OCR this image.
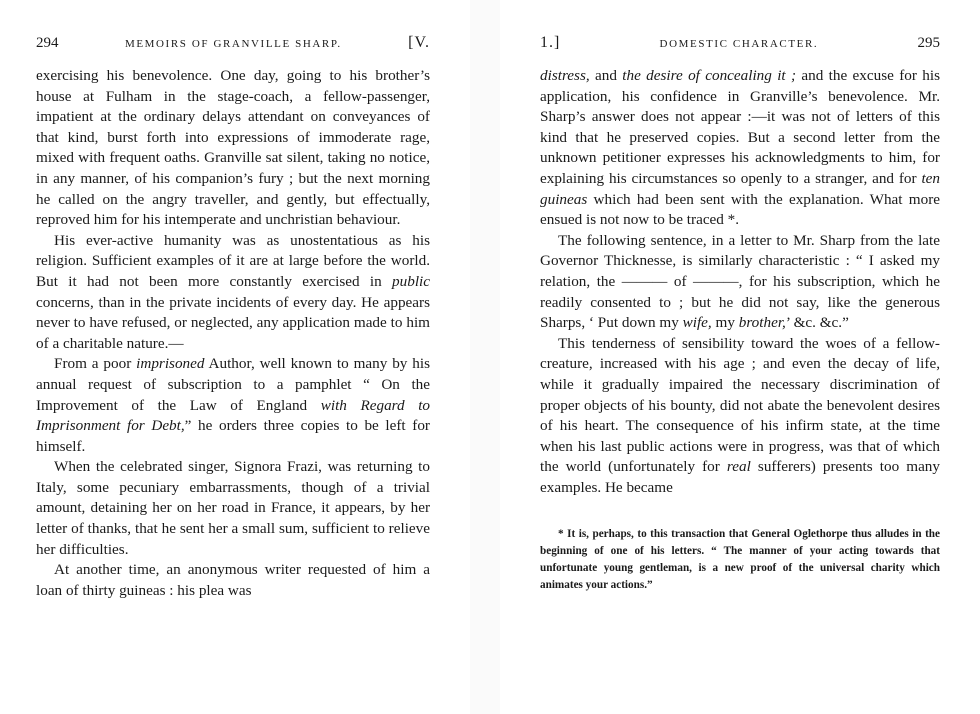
294	MEMOIRS OF GRANVILLE SHARP.	[V.

exercising his benevolence. One day, going to his brother’s house at Fulham in the stage-coach, a fellow-passenger, impatient at the ordinary delays attendant on conveyances of that kind, burst forth into expressions of immoderate rage, mixed with frequent oaths. Granville sat silent, taking no notice, in any manner, of his companion’s fury ; but the next morning he called on the angry traveller, and gently, but effectually, reproved him for his intemperate and unchristian behaviour.

His ever-active humanity was as unostentatious as his religion. Sufficient examples of it are at large before the world. But it had not been more constantly exercised in public concerns, than in the private incidents of every day. He appears never to have refused, or neglected, any application made to him of a charitable nature.—

From a poor imprisoned Author, well known to many by his annual request of subscription to a pamphlet “ On the Improvement of the Law of England with Regard to Imprisonment for Debt,” he orders three copies to be left for himself.

When the celebrated singer, Signora Frazi, was returning to Italy, some pecuniary embarrassments, though of a trivial amount, detaining her on her road in France, it appears, by her letter of thanks, that he sent her a small sum, sufficient to relieve her difficulties.

At another time, an anonymous writer requested of him a loan of thirty guineas : his plea was

1.]	DOMESTIC CHARACTER.	295

distress, and the desire of concealing it ; and the excuse for his application, his confidence in Granville’s benevolence. Mr. Sharp’s answer does not appear :—it was not of letters of this kind that he preserved copies. But a second letter from the unknown petitioner expresses his acknowledgments to him, for explaining his circumstances so openly to a stranger, and for ten guineas which had been sent with the explanation. What more ensued is not now to be traced *.

The following sentence, in a letter to Mr. Sharp from the late Governor Thicknesse, is similarly characteristic : “ I asked my relation, the ——— of ———, for his subscription, which he readily consented to ; but he did not say, like the generous Sharps, ‘ Put down my wife, my brother,’ &c. &c.”

This tenderness of sensibility toward the woes of a fellow-creature, increased with his age ; and even the decay of life, while it gradually impaired the necessary discrimination of proper objects of his bounty, did not abate the benevolent desires of his heart. The consequence of his infirm state, at the time when his last public actions were in progress, was that of which the world (unfortunately for real sufferers) presents too many examples. He became

* It is, perhaps, to this transaction that General Oglethorpe thus alludes in the beginning of one of his letters. “ The manner of your acting towards that unfortunate young gentleman, is a new proof of the universal charity which animates your actions.”
